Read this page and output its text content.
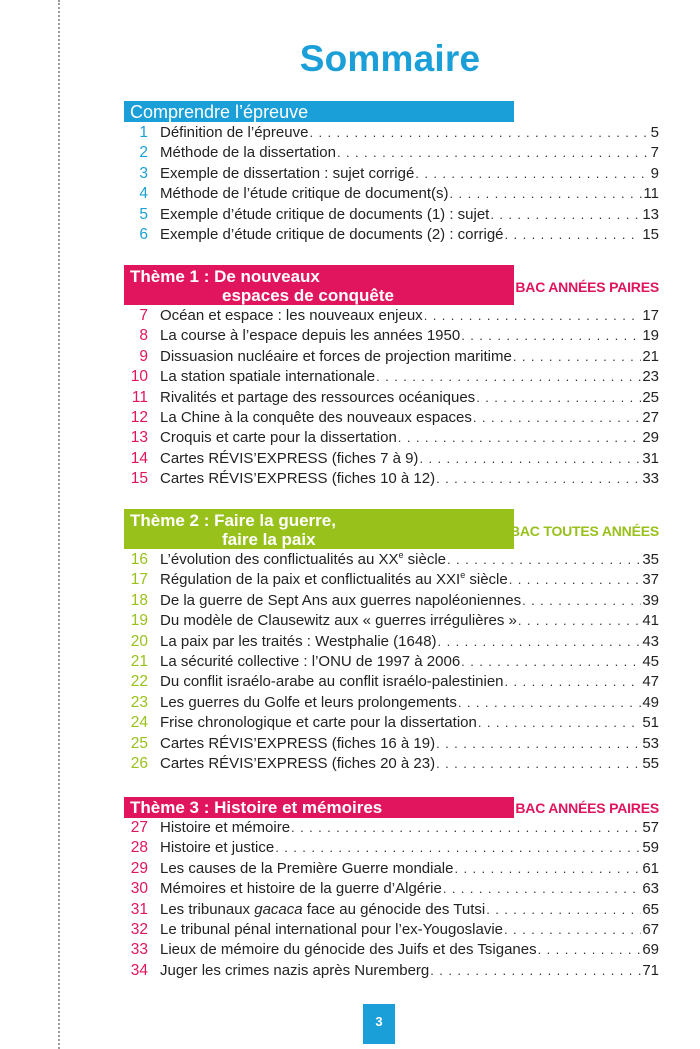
Sommaire
Comprendre l’épreuve
1 Définition de l’épreuve . . .	5
2 Méthode de la dissertation . . .	7
3 Exemple de dissertation : sujet corrigé . . .	9
4 Méthode de l’étude critique de document(s) . . .	11
5 Exemple d’étude critique de documents (1) : sujet . . .	13
6 Exemple d’étude critique de documents (2) : corrigé . . .	15
Thème 1 : De nouveaux
espaces de conquête	BAC ANNÉES PAIRES
7 Océan et espace : les nouveaux enjeux . . .	17
8 La course à l’espace depuis les années 1950 . . .	19
9 Dissuasion nucléaire et forces de projection maritime . . .	21
10 La station spatiale internationale . . .	23
11 Rivalités et partage des ressources océaniques . . .	25
12 La Chine à la conquête des nouveaux espaces . . .	27
13 Croquis et carte pour la dissertation . . .	29
14 Cartes RÉVIS’EXPRESS (fiches 7 à 9) . . .	31
15 Cartes RÉVIS’EXPRESS (fiches 10 à 12) . . .	33
Thème 2 : Faire la guerre,
faire la paix	BAC TOUTES ANNÉES
16 L’évolution des conflictualités au XXe siècle . . .	35
17 Régulation de la paix et conflictualités au XXIe siècle . . .	37
18 De la guerre de Sept Ans aux guerres napoléoniennes . . .	39
19 Du modèle de Clausewitz aux « guerres irrégulières » . . .	41
20 La paix par les traités : Westphalie (1648) . . .	43
21 La sécurité collective : l’ONU de 1997 à 2006 . . .	45
22 Du conflit israélo-arabe au conflit israélo-palestinien . . .	47
23 Les guerres du Golfe et leurs prolongements . . .	49
24 Frise chronologique et carte pour la dissertation . . .	51
25 Cartes RÉVIS’EXPRESS (fiches 16 à 19) . . .	53
26 Cartes RÉVIS’EXPRESS (fiches 20 à 23) . . .	55
Thème 3 : Histoire et mémoires	BAC ANNÉES PAIRES
27 Histoire et mémoire . . .	57
28 Histoire et justice . . .	59
29 Les causes de la Première Guerre mondiale . . .	61
30 Mémoires et histoire de la guerre d’Algérie . . .	63
31 Les tribunaux gacaca face au génocide des Tutsi . . .	65
32 Le tribunal pénal international pour l’ex-Yougoslavie . . .	67
33 Lieux de mémoire du génocide des Juifs et des Tsiganes . . .	69
34 Juger les crimes nazis après Nuremberg . . .	71
3
